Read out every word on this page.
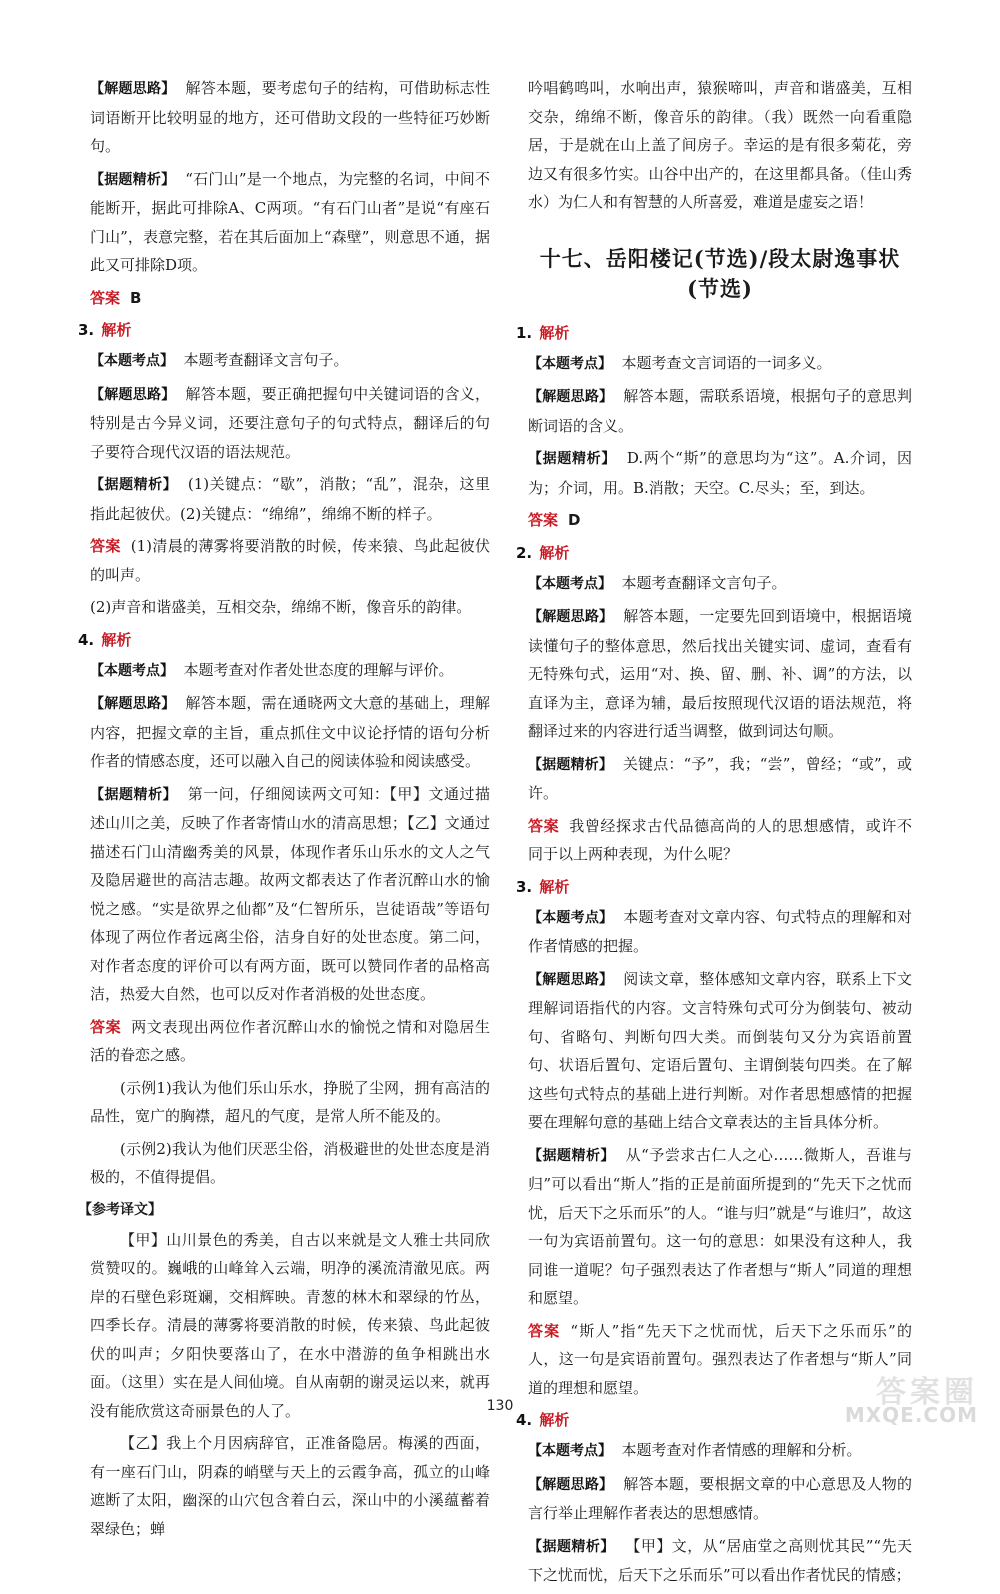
【解题思路】 解答本题，要考虑句子的结构，可借助标志性词语断开比较明显的地方，还可借助文段的一些特征巧妙断句。

【据题精析】 “石门山”是一个地点，为完整的名词，中间不能断开，据此可排除A、C两项。“有石门山者”是说“有座石门山”，表意完整，若在其后面加上“森壁”，则意思不通，据此又可排除D项。

答案 B

3. 解析

【本题考点】 本题考查翻译文言句子。

【解题思路】 解答本题，要正确把握句中关键词语的含义，特别是古今异义词，还要注意句子的句式特点，翻译后的句子要符合现代汉语的语法规范。

【据题精析】 (1)关键点：“歇”，消散；“乱”，混杂，这里指此起彼伏。(2)关键点：“绵绵”，绵绵不断的样子。

答案 (1)清晨的薄雾将要消散的时候，传来猿、鸟此起彼伏的叫声。

(2)声音和谐盛美，互相交杂，绵绵不断，像音乐的韵律。

4. 解析

【本题考点】 本题考查对作者处世态度的理解与评价。

【解题思路】 解答本题，需在通晓两文大意的基础上，理解内容，把握文章的主旨，重点抓住文中议论抒情的语句分析作者的情感态度，还可以融入自己的阅读体验和阅读感受。

【据题精析】 第一问，仔细阅读两文可知：【甲】文通过描述山川之美，反映了作者寄情山水的清高思想；【乙】文通过描述石门山清幽秀美的风景，体现作者乐山乐水的文人之气及隐居避世的高洁志趣。故两文都表达了作者沉醉山水的愉悦之感。“实是欲界之仙都”及“仁智所乐，岂徒语哉”等语句体现了两位作者远离尘俗，洁身自好的处世态度。第二问，对作者态度的评价可以有两方面，既可以赞同作者的品格高洁，热爱大自然，也可以反对作者消极的处世态度。

答案 两文表现出两位作者沉醉山水的愉悦之情和对隐居生活的眷恋之感。

(示例1)我认为他们乐山乐水，挣脱了尘网，拥有高洁的品性，宽广的胸襟，超凡的气度，是常人所不能及的。

(示例2)我认为他们厌恶尘俗，消极避世的处世态度是消极的，不值得提倡。

【参考译文】

【甲】山川景色的秀美，自古以来就是文人雅士共同欣赏赞叹的。巍峨的山峰耸入云端，明净的溪流清澈见底。两岸的石壁色彩斑斓，交相辉映。青葱的林木和翠绿的竹丛，四季长存。清晨的薄雾将要消散的时候，传来猿、鸟此起彼伏的叫声；夕阳快要落山了，在水中潜游的鱼争相跳出水面。（这里）实在是人间仙境。自从南朝的谢灵运以来，就再没有能欣赏这奇丽景色的人了。

【乙】我上个月因病辞官，正准备隐居。梅溪的西面，有一座石门山，阴森的峭壁与天上的云霞争高，孤立的山峰遮断了太阳，幽深的山穴包含着白云，深山中的小溪蕴蓄着翠绿色；蝉

吟唱鹤鸣叫，水响出声，猿猴啼叫，声音和谐盛美，互相交杂，绵绵不断，像音乐的韵律。（我）既然一向看重隐居，于是就在山上盖了间房子。幸运的是有很多菊花，旁边又有很多竹实。山谷中出产的，在这里都具备。（佳山秀水）为仁人和有智慧的人所喜爱，难道是虚妄之语！

十七、岳阳楼记(节选)/段太尉逸事状(节选)
1. 解析

【本题考点】 本题考查文言词语的一词多义。

【解题思路】 解答本题，需联系语境，根据句子的意思判断词语的含义。

【据题精析】 D.两个“斯”的意思均为“这”。A.介词，因为；介词，用。B.消散；天空。C.尽头；至，到达。

答案 D

2. 解析

【本题考点】 本题考查翻译文言句子。

【解题思路】 解答本题，一定要先回到语境中，根据语境读懂句子的整体意思，然后找出关键实词、虚词，查看有无特殊句式，运用“对、换、留、删、补、调”的方法，以直译为主，意译为辅，最后按照现代汉语的语法规范，将翻译过来的内容进行适当调整，做到词达句顺。

【据题精析】 关键点：“予”，我；“尝”，曾经；“或”，或许。

答案 我曾经探求古代品德高尚的人的思想感情，或许不同于以上两种表现，为什么呢？

3. 解析

【本题考点】 本题考查对文章内容、句式特点的理解和对作者情感的把握。

【解题思路】 阅读文章，整体感知文章内容，联系上下文理解词语指代的内容。文言特殊句式可分为倒装句、被动句、省略句、判断句四大类。而倒装句又分为宾语前置句、状语后置句、定语后置句、主谓倒装句四类。在了解这些句式特点的基础上进行判断。对作者思想感情的把握要在理解句意的基础上结合文章表达的主旨具体分析。

【据题精析】 从“予尝求古仁人之心……微斯人，吾谁与归”可以看出“斯人”指的正是前面所提到的“先天下之忧而忧，后天下之乐而乐”的人。“谁与归”就是“与谁归”，故这一句为宾语前置句。这一句的意思：如果没有这种人，我同谁一道呢？句子强烈表达了作者想与“斯人”同道的理想和愿望。

答案 “斯人”指“先天下之忧而忧，后天下之乐而乐”的人，这一句是宾语前置句。强烈表达了作者想与“斯人”同道的理想和愿望。

4. 解析

【本题考点】 本题考查对作者情感的理解和分析。

【解题思路】 解答本题，要根据文章的中心意思及人物的言行举止理解作者表达的思想感情。

【据题精析】 【甲】文，从“居庙堂之高则忧其民”“先天下之忧而忧，后天下之乐而乐”可以看出作者忧民的情感；

130	答案圈
MXQE.COM
